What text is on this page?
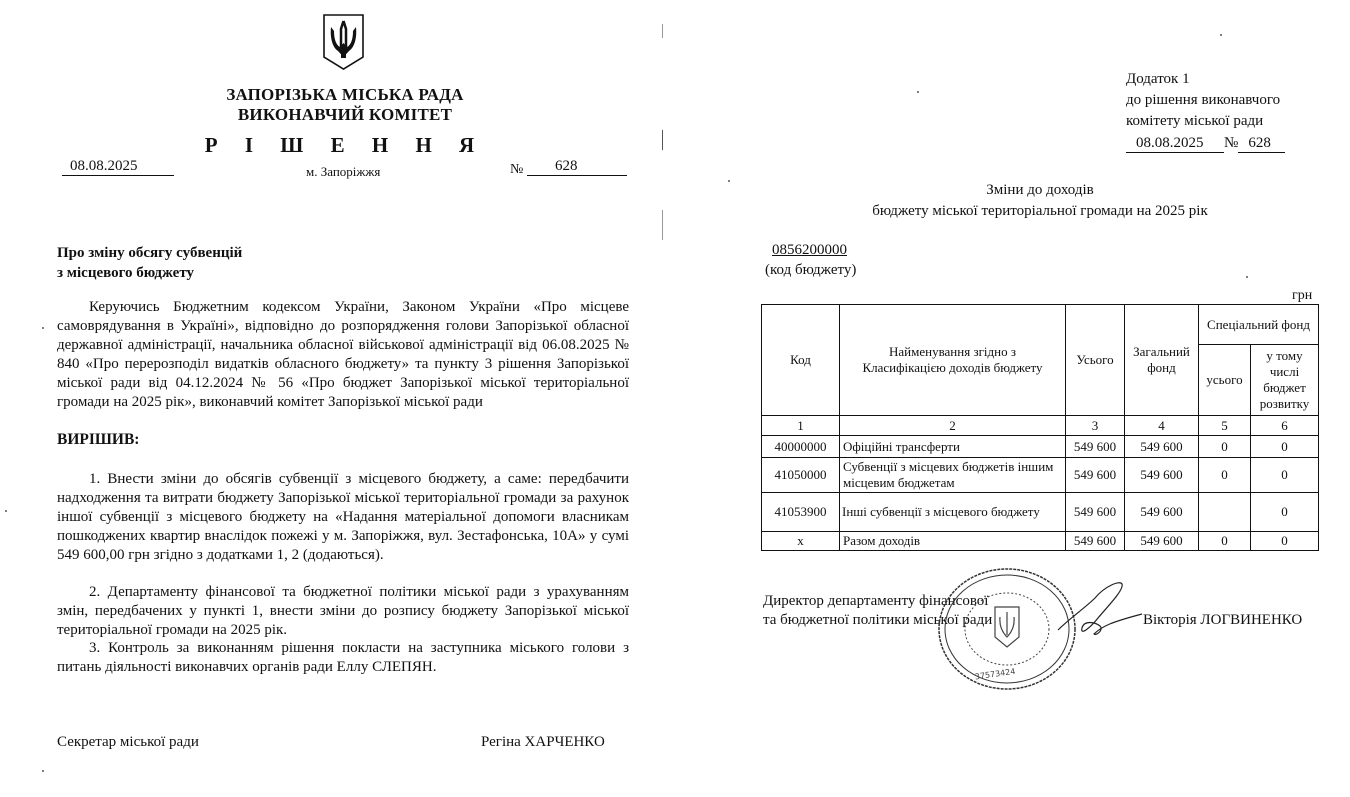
ЗАПОРІЗЬКА МІСЬКА РАДА
ВИКОНАВЧИЙ КОМІТЕТ
Р І Ш Е Н Н Я
08.08.2025	м. Запоріжжя	№	628
Про зміну обсягу субвенцій
з місцевого бюджету
Керуючись Бюджетним кодексом України, Законом України «Про місцеве самоврядування в Україні», відповідно до розпорядження голови Запорізької обласної державної адміністрації, начальника обласної військової адміністрації від 06.08.2025 № 840 «Про перерозподіл видатків обласного бюджету» та пункту 3 рішення Запорізької міської ради від 04.12.2024 № 56 «Про бюджет Запорізької міської територіальної громади на 2025 рік», виконавчий комітет Запорізької міської ради
ВИРІШИВ:
1. Внести зміни до обсягів субвенції з місцевого бюджету, а саме: передбачити надходження та витрати бюджету Запорізької міської територіальної громади за рахунок іншої субвенції з місцевого бюджету на «Надання матеріальної допомоги власникам пошкоджених квартир внаслідок пожежі у м. Запоріжжя, вул. Зестафонська, 10А» у сумі 549 600,00 грн згідно з додатками 1, 2 (додаються).
2. Департаменту фінансової та бюджетної політики міської ради з урахуванням змін, передбачених у пункті 1, внести зміни до розпису бюджету Запорізької міської територіальної громади на 2025 рік.
3. Контроль за виконанням рішення покласти на заступника міського голови з питань діяльності виконавчих органів ради Еллу СЛЕПЯН.
Секретар міської ради	Регіна ХАРЧЕНКО
Додаток 1
до рішення виконавчого
комітету міської ради
08.08.2025 № 628
Зміни до доходів
бюджету міської територіальної громади на 2025 рік
0856200000
(код бюджету)
грн
Код	Найменування згідно з Класифікацією доходів бюджету	Усього	Загальний фонд	Спеціальний фонд	
				усього	у тому числі бюджет розвитку
1	2	3	4	5	6
40000000	Офіційні трансферти	549 600	549 600	0	0
41050000	Субвенції з місцевих бюджетів іншим місцевим бюджетам	549 600	549 600	0	0
41053900	Інші субвенції з місцевого бюджету	549 600	549 600		0
x	Разом доходів	549 600	549 600	0	0
Директор департаменту фінансової
та бюджетної політики міської ради	Вікторія ЛОГВИНЕНКО
37573424
